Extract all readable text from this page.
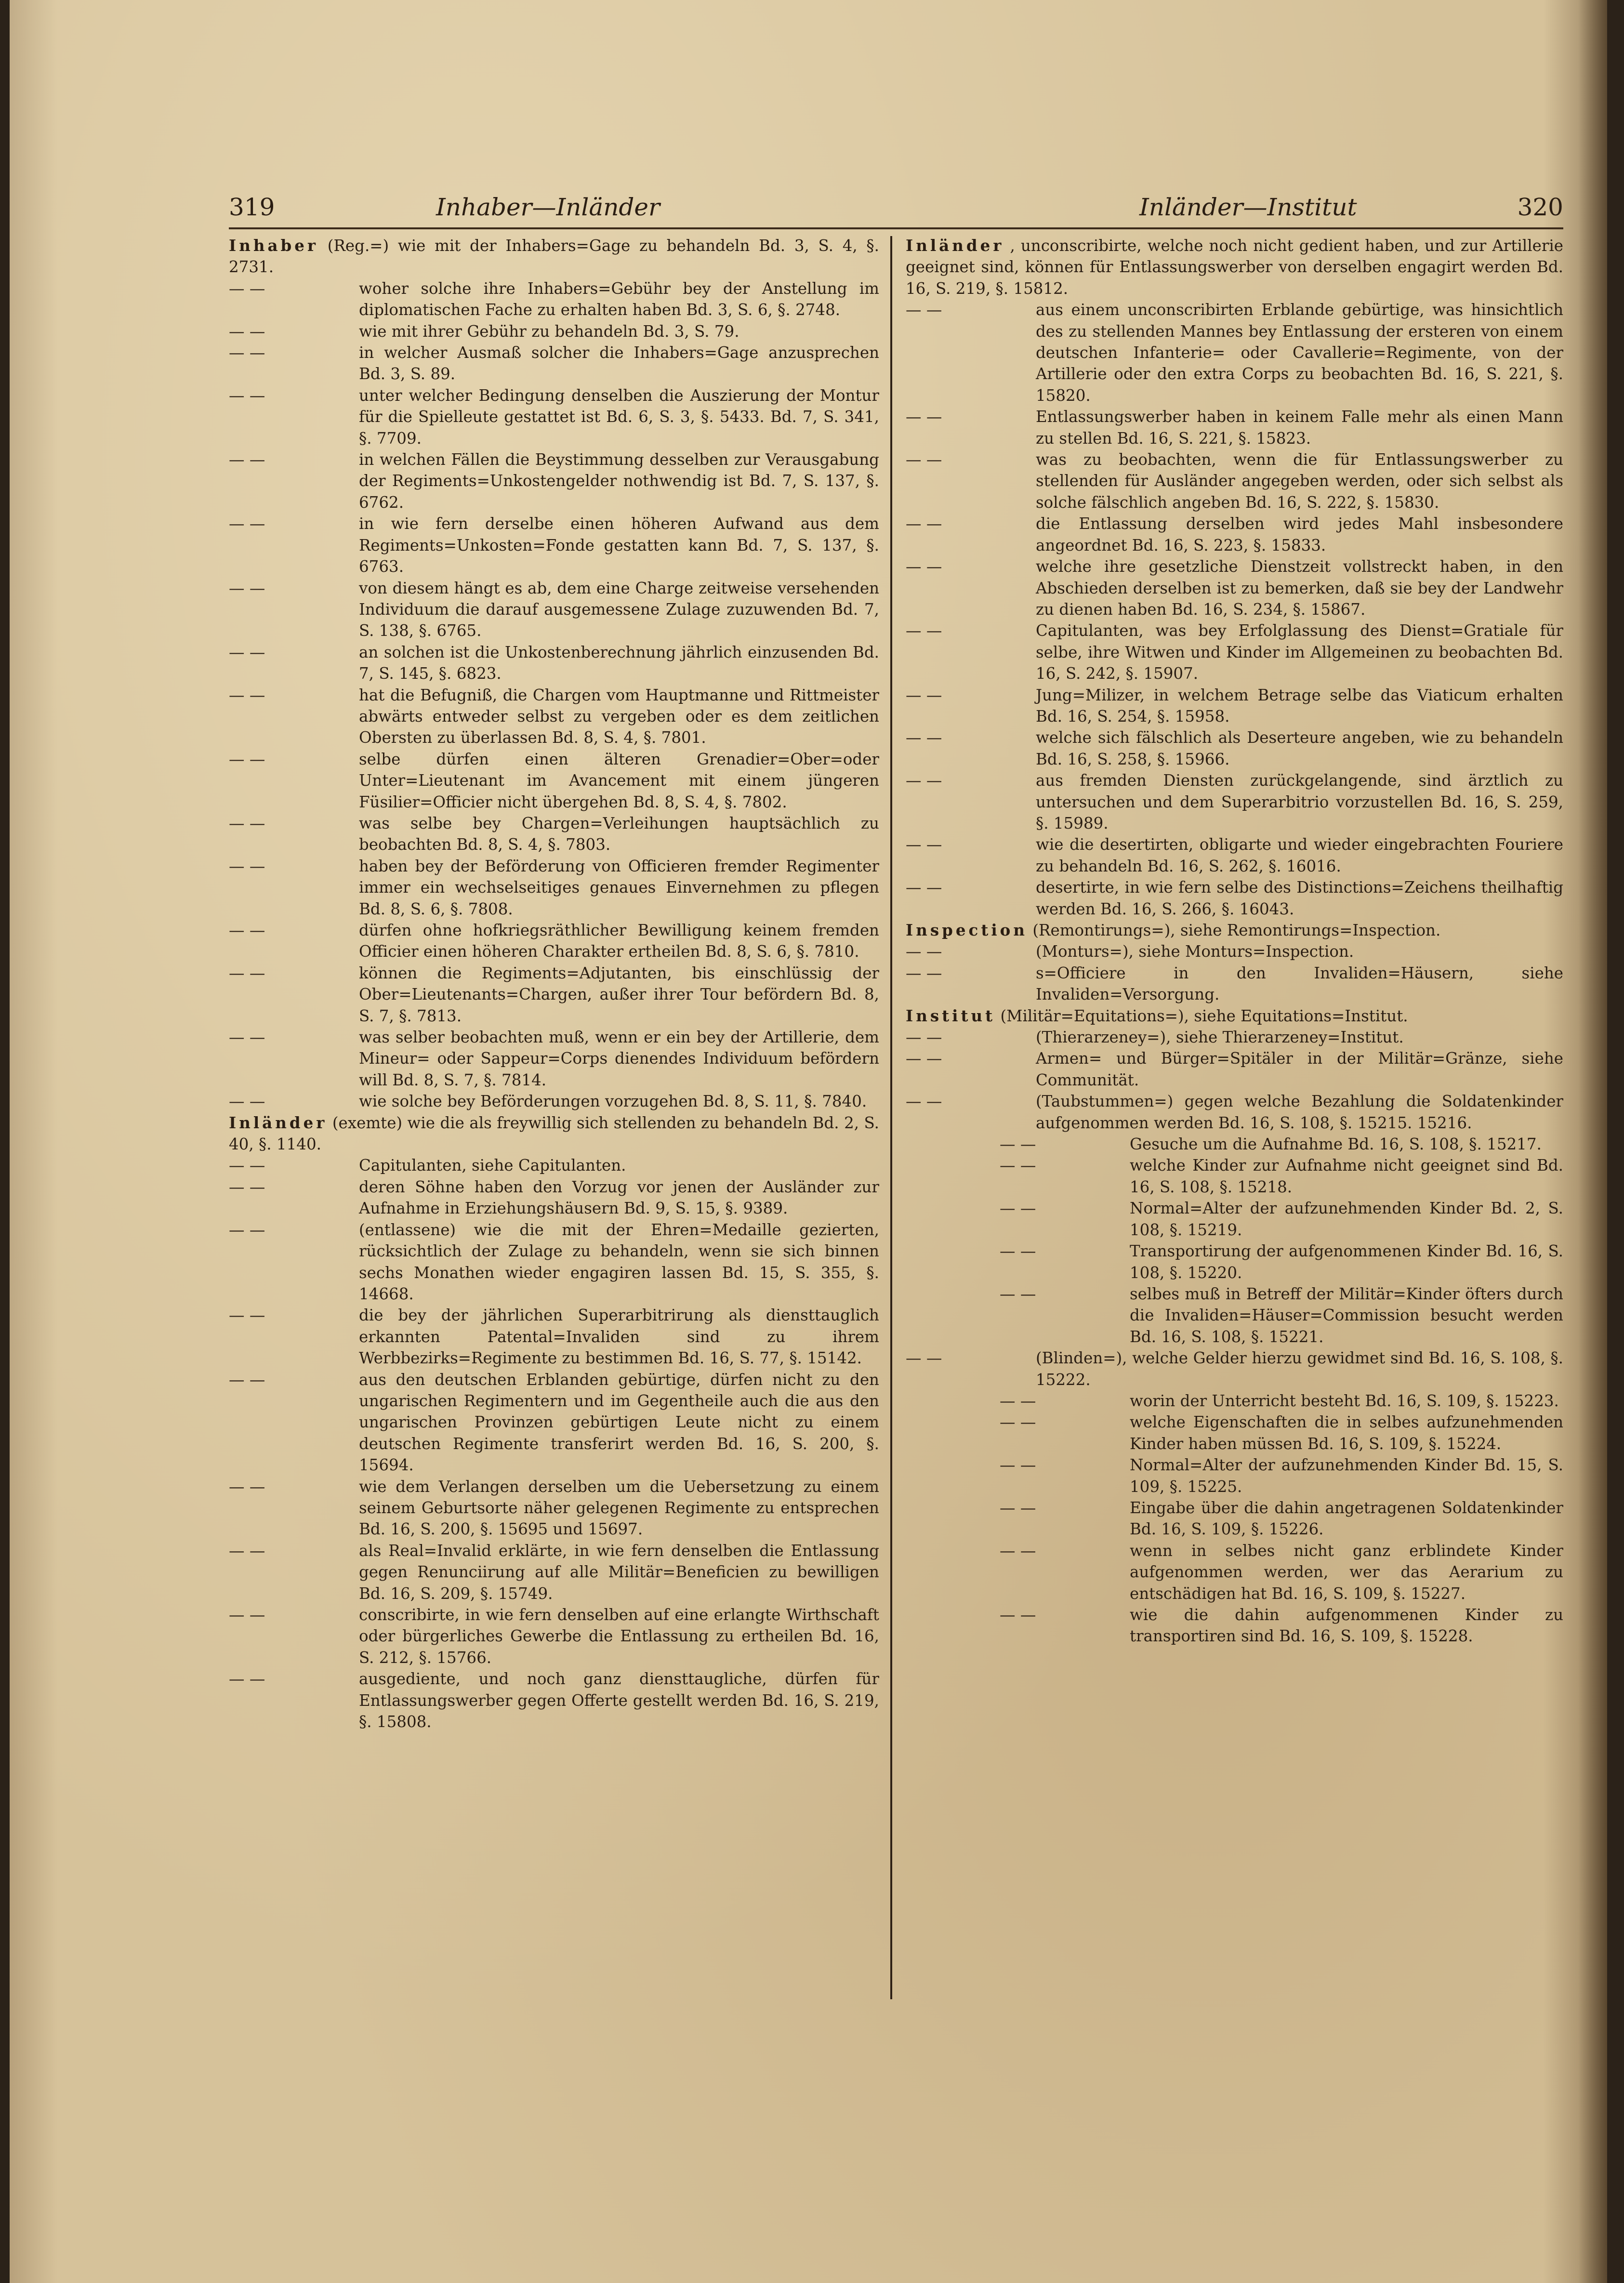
319	Inhaber—Inländer	Inländer—Institut	320

Inhaber (Reg.=) wie mit der Inhabers=Gage zu behandeln Bd. 3, S. 4, §. 2731.

— —	woher solche ihre Inhabers=Gebühr bey der Anstellung im diplomatischen Fache zu erhalten haben Bd. 3, S. 6, §. 2748.

— —	wie mit ihrer Gebühr zu behandeln Bd. 3, S. 79.

— —	in welcher Ausmaß solcher die Inhabers=Gage anzusprechen Bd. 3, S. 89.

— —	unter welcher Bedingung denselben die Auszierung der Montur für die Spielleute gestattet ist Bd. 6, S. 3, §. 5433. Bd. 7, S. 341, §. 7709.

— —	in welchen Fällen die Beystimmung desselben zur Verausgabung der Regiments=Unkostengelder nothwendig ist Bd. 7, S. 137, §. 6762.

— —	in wie fern derselbe einen höheren Aufwand aus dem Regiments=Unkosten=Fonde gestatten kann Bd. 7, S. 137, §. 6763.

— —	von diesem hängt es ab, dem eine Charge zeitweise versehenden Individuum die darauf ausgemessene Zulage zuzuwenden Bd. 7, S. 138, §. 6765.

— —	an solchen ist die Unkostenberechnung jährlich einzusenden Bd. 7, S. 145, §. 6823.

— —	hat die Befugniß, die Chargen vom Hauptmanne und Rittmeister abwärts entweder selbst zu vergeben oder es dem zeitlichen Obersten zu überlassen Bd. 8, S. 4, §. 7801.

— —	selbe dürfen einen älteren Grenadier=Ober=oder Unter=Lieutenant im Avancement mit einem jüngeren Füsilier=Officier nicht übergehen Bd. 8, S. 4, §. 7802.

— —	was selbe bey Chargen=Verleihungen hauptsächlich zu beobachten Bd. 8, S. 4, §. 7803.

— —	haben bey der Beförderung von Officieren fremder Regimenter immer ein wechselseitiges genaues Einvernehmen zu pflegen Bd. 8, S. 6, §. 7808.

— —	dürfen ohne hofkriegsräthlicher Bewilligung keinem fremden Officier einen höheren Charakter ertheilen Bd. 8, S. 6, §. 7810.

— —	können die Regiments=Adjutanten, bis einschlüssig der Ober=Lieutenants=Chargen, außer ihrer Tour befördern Bd. 8, S. 7, §. 7813.

— —	was selber beobachten muß, wenn er ein bey der Artillerie, dem Mineur= oder Sappeur=Corps dienendes Individuum befördern will Bd. 8, S. 7, §. 7814.

— —	wie solche bey Beförderungen vorzugehen Bd. 8, S. 11, §. 7840.

Inländer (exemte) wie die als freywillig sich stellenden zu behandeln Bd. 2, S. 40, §. 1140.

— —	Capitulanten, siehe Capitulanten.

— —	deren Söhne haben den Vorzug vor jenen der Ausländer zur Aufnahme in Erziehungshäusern Bd. 9, S. 15, §. 9389.

— —	(entlassene) wie die mit der Ehren=Medaille gezierten, rücksichtlich der Zulage zu behandeln, wenn sie sich binnen sechs Monathen wieder engagiren lassen Bd. 15, S. 355, §. 14668.

— —	die bey der jährlichen Superarbitrirung als diensttauglich erkannten Patental=Invaliden sind zu ihrem Werbbezirks=Regimente zu bestimmen Bd. 16, S. 77, §. 15142.

— —	aus den deutschen Erblanden gebürtige, dürfen nicht zu den ungarischen Regimentern und im Gegentheile auch die aus den ungarischen Provinzen gebürtigen Leute nicht zu einem deutschen Regimente transferirt werden Bd. 16, S. 200, §. 15694.

— —	wie dem Verlangen derselben um die Uebersetzung zu einem seinem Geburtsorte näher gelegenen Regimente zu entsprechen Bd. 16, S. 200, §. 15695 und 15697.

— —	als Real=Invalid erklärte, in wie fern denselben die Entlassung gegen Renunciirung auf alle Militär=Beneficien zu bewilligen Bd. 16, S. 209, §. 15749.

— —	conscribirte, in wie fern denselben auf eine erlangte Wirthschaft oder bürgerliches Gewerbe die Entlassung zu ertheilen Bd. 16, S. 212, §. 15766.

— —	ausgediente, und noch ganz diensttaugliche, dürfen für Entlassungswerber gegen Offerte gestellt werden Bd. 16, S. 219, §. 15808.

Inländer , unconscribirte, welche noch nicht gedient haben, und zur Artillerie geeignet sind, können für Entlassungswerber von derselben engagirt werden Bd. 16, S. 219, §. 15812.

— —	aus einem unconscribirten Erblande gebürtige, was hinsichtlich des zu stellenden Mannes bey Entlassung der ersteren von einem deutschen Infanterie= oder Cavallerie=Regimente, von der Artillerie oder den extra Corps zu beobachten Bd. 16, S. 221, §. 15820.

— —	Entlassungswerber haben in keinem Falle mehr als einen Mann zu stellen Bd. 16, S. 221, §. 15823.

— —	was zu beobachten, wenn die für Entlassungswerber zu stellenden für Ausländer angegeben werden, oder sich selbst als solche fälschlich angeben Bd. 16, S. 222, §. 15830.

— —	die Entlassung derselben wird jedes Mahl insbesondere angeordnet Bd. 16, S. 223, §. 15833.

— —	welche ihre gesetzliche Dienstzeit vollstreckt haben, in den Abschieden derselben ist zu bemerken, daß sie bey der Landwehr zu dienen haben Bd. 16, S. 234, §. 15867.

— —	Capitulanten, was bey Erfolglassung des Dienst=Gratiale für selbe, ihre Witwen und Kinder im Allgemeinen zu beobachten Bd. 16, S. 242, §. 15907.

— —	Jung=Milizer, in welchem Betrage selbe das Viaticum erhalten Bd. 16, S. 254, §. 15958.

— —	welche sich fälschlich als Deserteure angeben, wie zu behandeln Bd. 16, S. 258, §. 15966.

— —	aus fremden Diensten zurückgelangende, sind ärztlich zu untersuchen und dem Superarbitrio vorzustellen Bd. 16, S. 259, §. 15989.

— —	wie die desertirten, obligarte und wieder eingebrachten Fouriere zu behandeln Bd. 16, S. 262, §. 16016.

— —	desertirte, in wie fern selbe des Distinctions=Zeichens theilhaftig werden Bd. 16, S. 266, §. 16043.

Inspection (Remontirungs=), siehe Remontirungs=Inspection.

— —	(Monturs=), siehe Monturs=Inspection.

— —	s=Officiere in den Invaliden=Häusern, siehe Invaliden=Versorgung.

Institut (Militär=Equitations=), siehe Equitations=Institut.

— —	(Thierarzeney=), siehe Thierarzeney=Institut.

— —	Armen= und Bürger=Spitäler in der Militär=Gränze, siehe Communität.

— —	(Taubstummen=) gegen welche Bezahlung die Soldatenkinder aufgenommen werden Bd. 16, S. 108, §. 15215. 15216.

— —	Gesuche um die Aufnahme Bd. 16, S. 108, §. 15217.

— —	welche Kinder zur Aufnahme nicht geeignet sind Bd. 16, S. 108, §. 15218.

— —	Normal=Alter der aufzunehmenden Kinder Bd. 2, S. 108, §. 15219.

— —	Transportirung der aufgenommenen Kinder Bd. 16, S. 108, §. 15220.

— —	selbes muß in Betreff der Militär=Kinder öfters durch die Invaliden=Häuser=Commission besucht werden Bd. 16, S. 108, §. 15221.

— —	(Blinden=), welche Gelder hierzu gewidmet sind Bd. 16, S. 108, §. 15222.

— —	worin der Unterricht besteht Bd. 16, S. 109, §. 15223.

— —	welche Eigenschaften die in selbes aufzunehmenden Kinder haben müssen Bd. 16, S. 109, §. 15224.

— —	Normal=Alter der aufzunehmenden Kinder Bd. 15, S. 109, §. 15225.

— —	Eingabe über die dahin angetragenen Soldatenkinder Bd. 16, S. 109, §. 15226.

— —	wenn in selbes nicht ganz erblindete Kinder aufgenommen werden, wer das Aerarium zu entschädigen hat Bd. 16, S. 109, §. 15227.

— —	wie die dahin aufgenommenen Kinder zu transportiren sind Bd. 16, S. 109, §. 15228.
